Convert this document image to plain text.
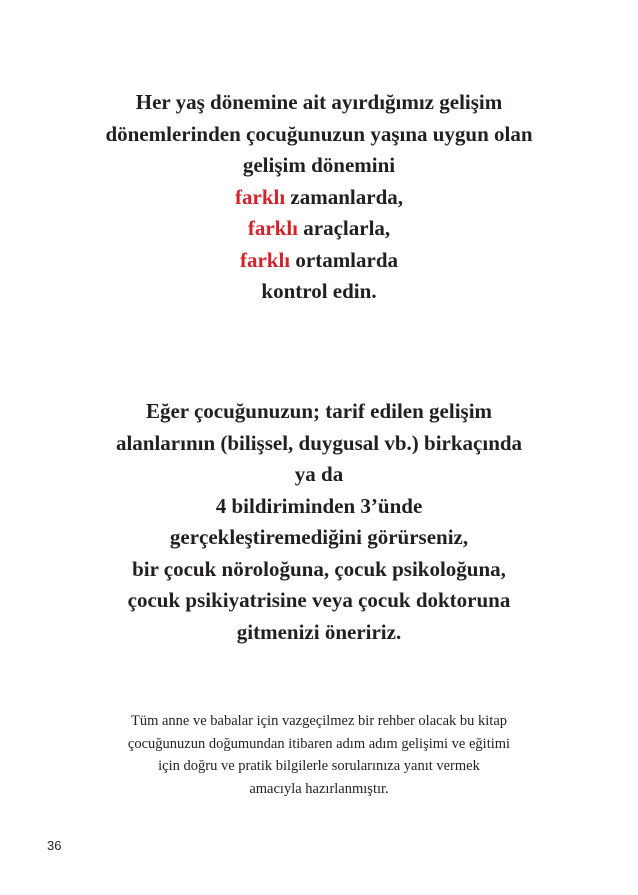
Her yaş dönemine ait ayırdığımız gelişim
dönemlerinden çocuğunuzun yaşına uygun olan
gelişim dönemini
farklı zamanlarda,
farklı araçlarla,
farklı ortamlarda
kontrol edin.
Eğer çocuğunuzun; tarif edilen gelişim
alanlarının (bilişsel, duygusal vb.) birkaçında
ya da
4 bildiriminden 3’ünde
gerçekleştiremediğini görürseniz,
bir çocuk nöroloğuna, çocuk psikoloğuna,
çocuk psikiyatrisine veya çocuk doktoruna
gitmenizi öneririz.
Tüm anne ve babalar için vazgeçilmez bir rehber olacak bu kitap
çocuğunuzun doğumundan itibaren adım adım gelişimi ve eğitimi
için doğru ve pratik bilgilerle sorularınıza yanıt vermek
amacıyla hazırlanmıştır.
36
